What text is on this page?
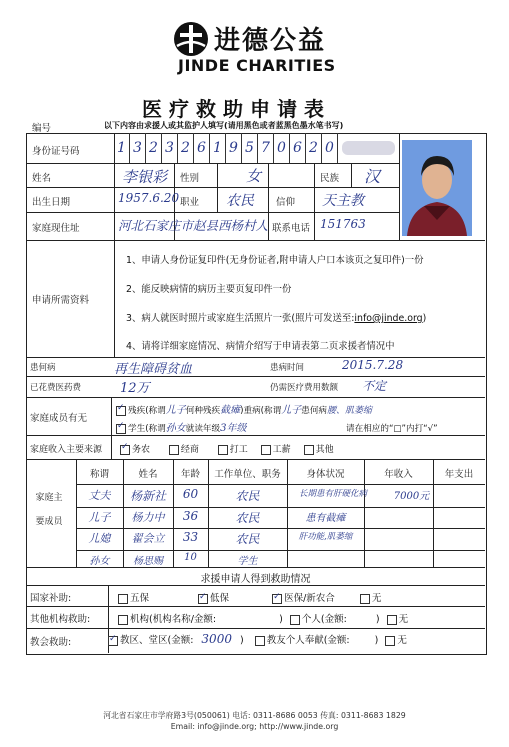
进德公益
JINDE CHARITIES
医疗救助申请表
编号	以下内容由求援人或其监护人填写(请用黑色或者蓝黑色墨水笔书写)
身份证号码	1 3 2 3 2 6 1 9 5 7 0 6 2 0
姓名	李银彩 性别	女	民族 汉
出生日期	1957.6.20 职业 农民 信仰 天主教
家庭现住址	河北石家庄市赵县西杨村人 联系电话 151763
申请所需资料
1、申请人身份证复印件(无身份证者,附申请人户口本该页之复印件)一份
2、能反映病情的病历主要页复印件一份
3、病人就医时照片或家庭生活照片一张(照片可发送至:info@jinde.org)
4、请将详细家庭情况、病情介绍写于申请表第二页求援者情况中
患何病	再生障碍贫血	患病时间	2015.7.28
已花费医药费	12万	仍需医疗费用数额 不定
家庭成员有无
✓ 残疾(称谓儿子何种残疾截瘫)重病(称谓儿子患何病腰、肌萎缩
✓ 学生(称谓孙女就读年级3年级	请在相应的“□”内打“√”
家庭收入主要来源 ✓ 务农	经商	打工	工薪	其他
家庭主要成员
称谓	姓名	年龄	工作单位、职务	身体状况	年收入	年支出
丈夫	杨新社	60	农民	长期患有肝硬化病	7000元
儿子	杨力中	36	农民	患有截瘫
儿媳	翟会立	33	农民	肝功能,肌萎缩
孙女	杨思赐	10	学生
求援申请人得到救助情况
国家补助:	五保	✓ 低保	✓ 医保/新农合	无
其他机构救助:	机构(机构名称/金额:	) 个人(金额:	) 无
教会救助:	✓ 教区、堂区(金额: 3000 ) 教友个人奉献(金额:	) 无
河北省石家庄市学府路3号(050061) 电话: 0311-8686 0053 传真: 0311-8683 1829
Email: info@jinde.org; http://www.jinde.org
